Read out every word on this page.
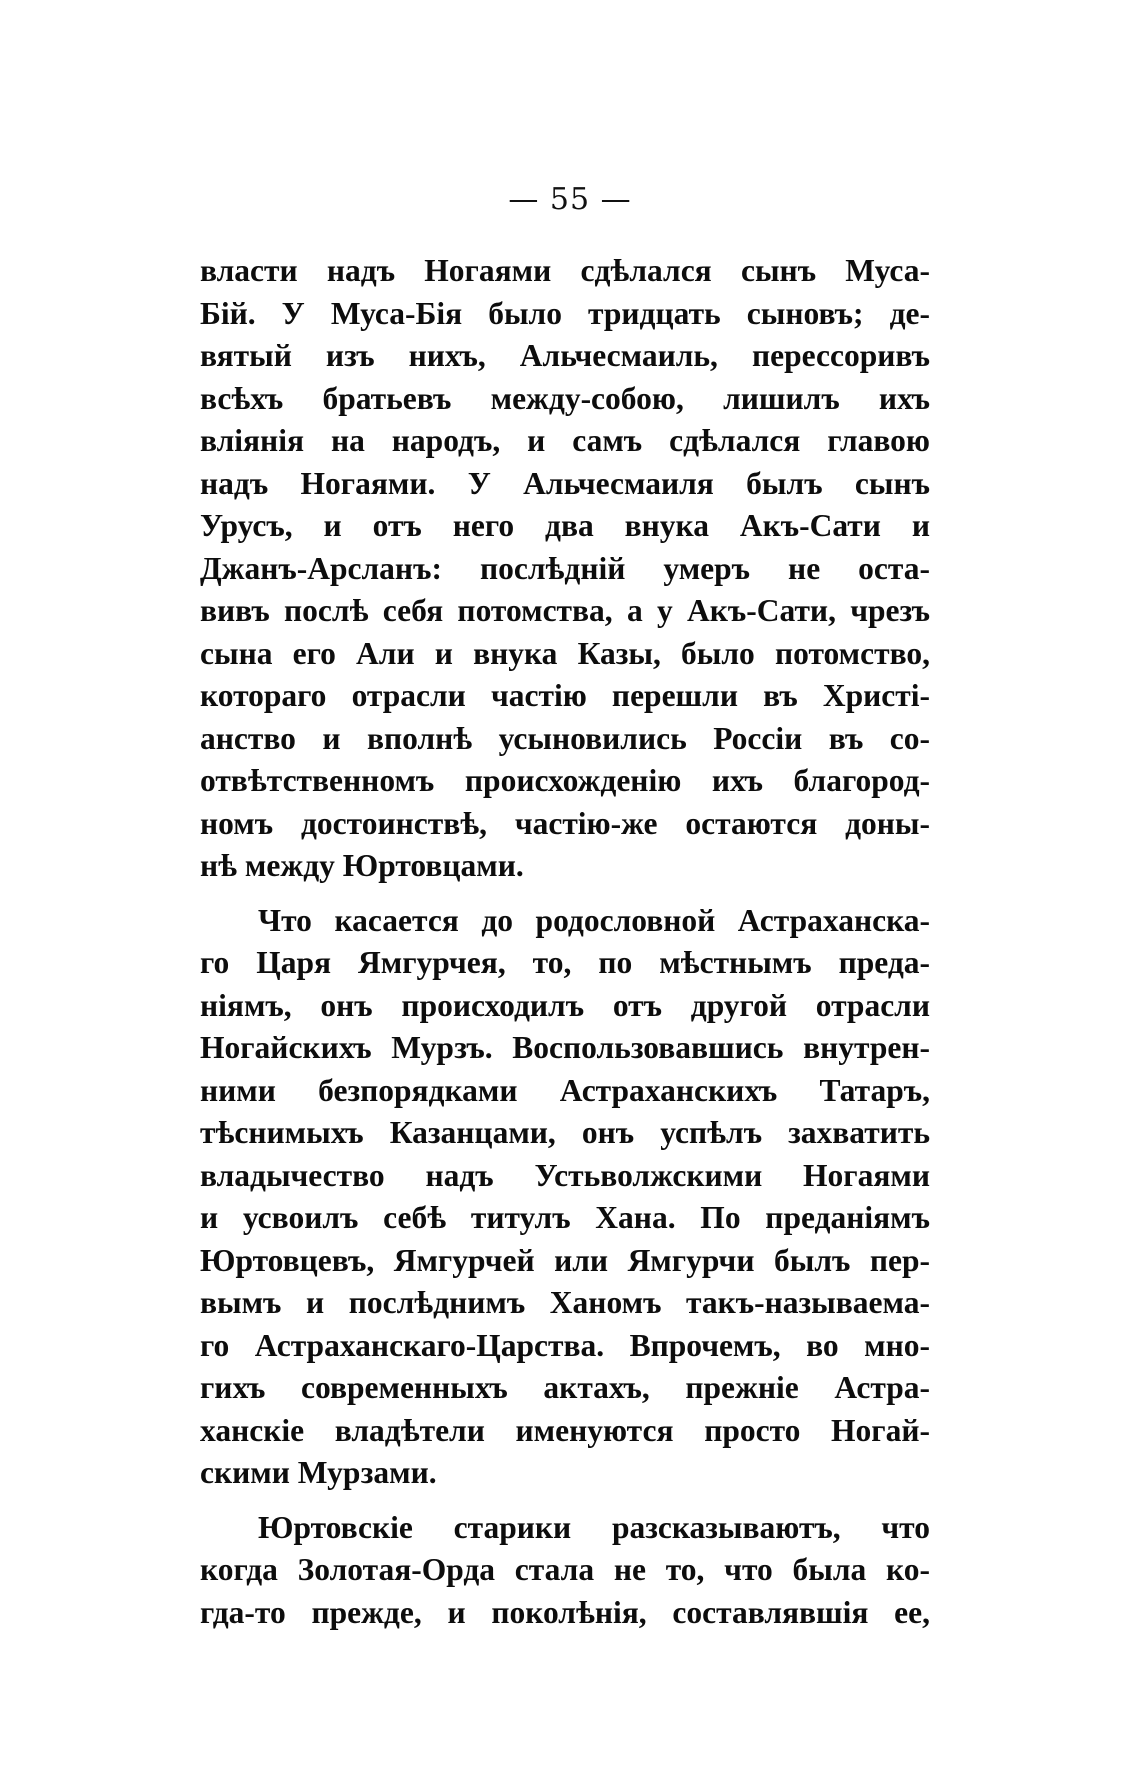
— 55 —
власти надъ Ногаями сдѣлался сынъ Муса-
Бій. У Муса-Бія было тридцать сыновъ; де-
вятый изъ нихъ, Альчесмаиль, перессоривъ
всѣхъ братьевъ между-собою, лишилъ ихъ
вліянія на народъ, и самъ сдѣлался главою
надъ Ногаями. У Альчесмаиля былъ сынъ
Урусъ, и отъ него два внука Акъ-Сати и
Джанъ-Арсланъ: послѣдній умеръ не оста-
вивъ послѣ себя потомства, а у Акъ-Сати, чрезъ
сына его Али и внука Казы, было потомство,
котораго отрасли частію перешли въ Христі-
анство и вполнѣ усыновились Россіи въ со-
отвѣтственномъ происхожденію ихъ благород-
номъ достоинствѣ, частію-же остаются доны-
нѣ между Юртовцами.
Что касается до родословной Астраханска-
го Царя Ямгурчея, то, по мѣстнымъ преда-
ніямъ, онъ происходилъ отъ другой отрасли
Ногайскихъ Мурзъ. Воспользовавшись внутрен-
ними безпорядками Астраханскихъ Татаръ,
тѣснимыхъ Казанцами, онъ успѣлъ захватить
владычество надъ Устьволжскими Ногаями
и усвоилъ себѣ титулъ Хана. По преданіямъ
Юртовцевъ, Ямгурчей или Ямгурчи былъ пер-
вымъ и послѣднимъ Ханомъ такъ-называема-
го Астраханскаго-Царства. Впрочемъ, во мно-
гихъ современныхъ актахъ, прежніе Астра-
ханскіе владѣтели именуются просто Ногай-
скими Мурзами.
Юртовскіе старики разсказываютъ, что
когда Золотая-Орда стала не то, что была ко-
гда-то прежде, и поколѣнія, составлявшія ее,
